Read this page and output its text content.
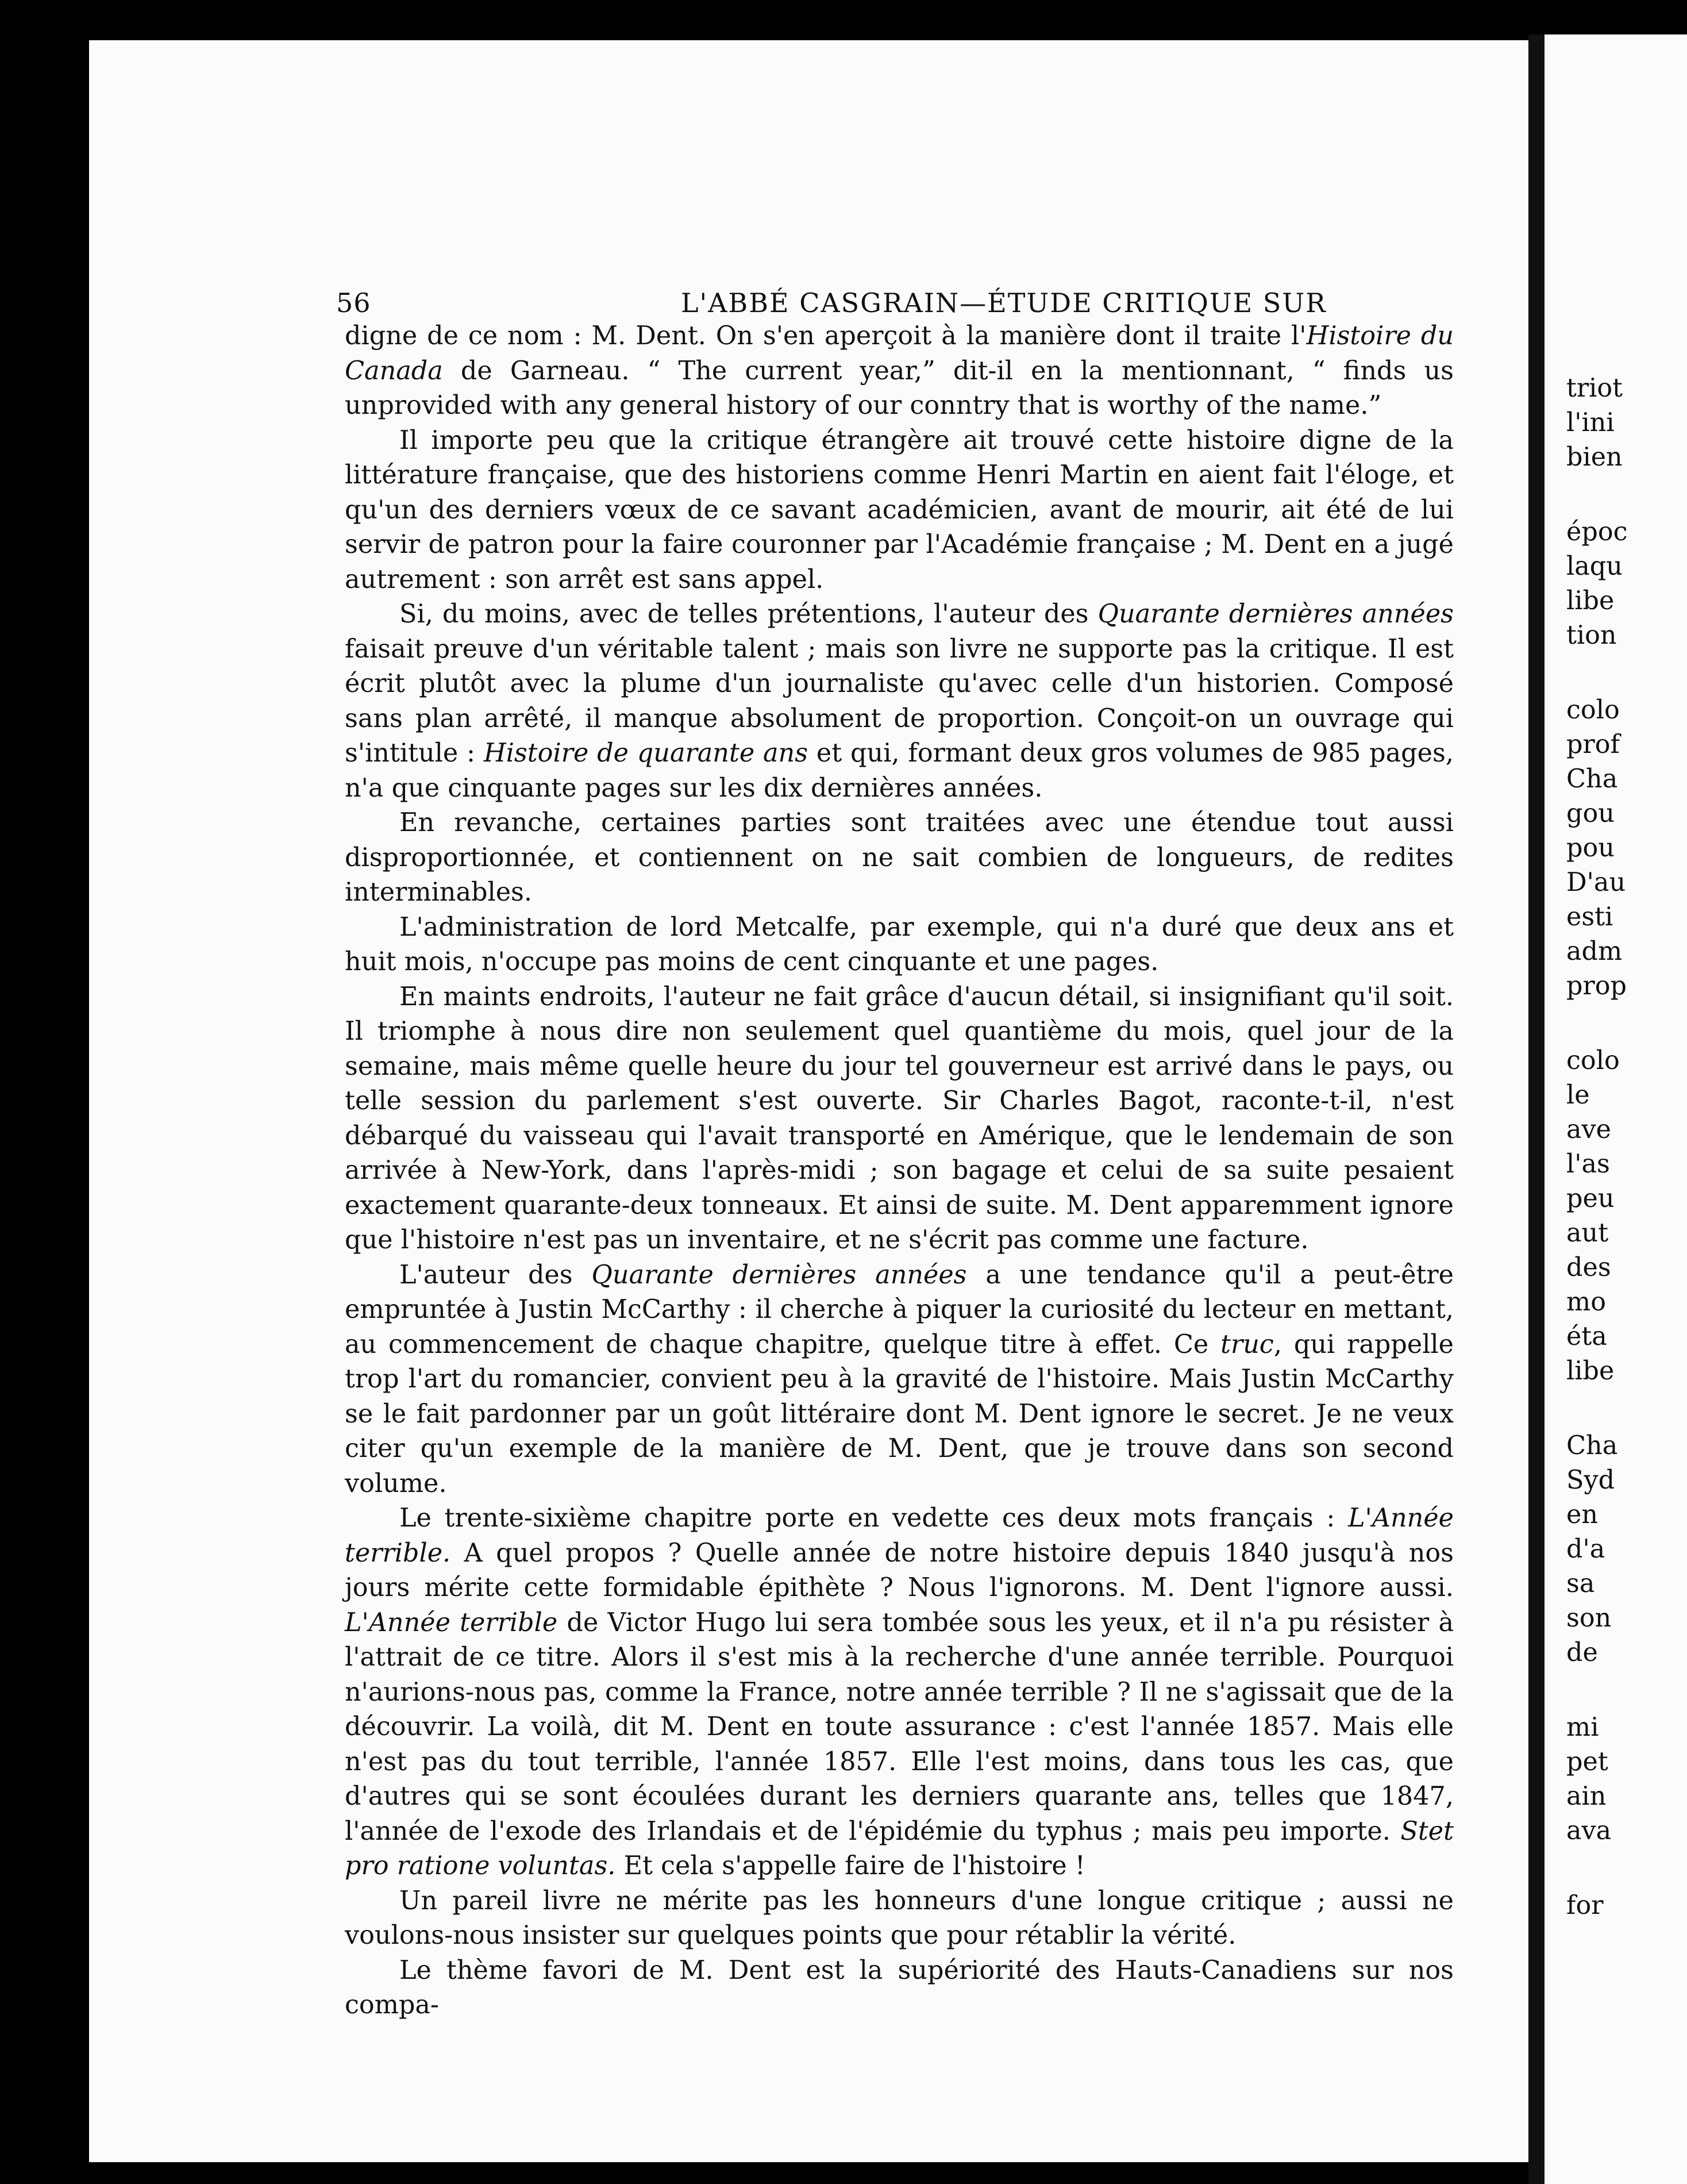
56	L'ABBÉ CASGRAIN—ÉTUDE CRITIQUE SUR

digne de ce nom : M. Dent. On s'en aperçoit à la manière dont il traite l'Histoire du Canada de Garneau. “ The current year,” dit-il en la mentionnant, “ finds us unprovided with any general history of our conntry that is worthy of the name.”

Il importe peu que la critique étrangère ait trouvé cette histoire digne de la littérature française, que des historiens comme Henri Martin en aient fait l'éloge, et qu'un des derniers vœux de ce savant académicien, avant de mourir, ait été de lui servir de patron pour la faire couronner par l'Académie française ; M. Dent en a jugé autrement : son arrêt est sans appel.

Si, du moins, avec de telles prétentions, l'auteur des Quarante dernières années faisait preuve d'un véritable talent ; mais son livre ne supporte pas la critique. Il est écrit plutôt avec la plume d'un journaliste qu'avec celle d'un historien. Composé sans plan arrêté, il manque absolument de proportion. Conçoit-on un ouvrage qui s'intitule : Histoire de quarante ans et qui, formant deux gros volumes de 985 pages, n'a que cinquante pages sur les dix dernières années.

En revanche, certaines parties sont traitées avec une étendue tout aussi disproportionnée, et contiennent on ne sait combien de longueurs, de redites interminables.

L'administration de lord Metcalfe, par exemple, qui n'a duré que deux ans et huit mois, n'occupe pas moins de cent cinquante et une pages.

En maints endroits, l'auteur ne fait grâce d'aucun détail, si insignifiant qu'il soit. Il triomphe à nous dire non seulement quel quantième du mois, quel jour de la semaine, mais même quelle heure du jour tel gouverneur est arrivé dans le pays, ou telle session du parlement s'est ouverte. Sir Charles Bagot, raconte-t-il, n'est débarqué du vaisseau qui l'avait transporté en Amérique, que le lendemain de son arrivée à New-York, dans l'après-midi ; son bagage et celui de sa suite pesaient exactement quarante-deux tonneaux. Et ainsi de suite. M. Dent apparemment ignore que l'histoire n'est pas un inventaire, et ne s'écrit pas comme une facture.

L'auteur des Quarante dernières années a une tendance qu'il a peut-être empruntée à Justin McCarthy : il cherche à piquer la curiosité du lecteur en mettant, au commencement de chaque chapitre, quelque titre à effet. Ce truc, qui rappelle trop l'art du romancier, convient peu à la gravité de l'histoire. Mais Justin McCarthy se le fait pardonner par un goût littéraire dont M. Dent ignore le secret. Je ne veux citer qu'un exemple de la manière de M. Dent, que je trouve dans son second volume.

Le trente-sixième chapitre porte en vedette ces deux mots français : L'Année terrible. A quel propos ? Quelle année de notre histoire depuis 1840 jusqu'à nos jours mérite cette formidable épithète ? Nous l'ignorons. M. Dent l'ignore aussi. L'Année terrible de Victor Hugo lui sera tombée sous les yeux, et il n'a pu résister à l'attrait de ce titre. Alors il s'est mis à la recherche d'une année terrible. Pourquoi n'aurions-nous pas, comme la France, notre année terrible ? Il ne s'agissait que de la découvrir. La voilà, dit M. Dent en toute assurance : c'est l'année 1857. Mais elle n'est pas du tout terrible, l'année 1857. Elle l'est moins, dans tous les cas, que d'autres qui se sont écoulées durant les derniers quarante ans, telles que 1847, l'année de l'exode des Irlandais et de l'épidémie du typhus ; mais peu importe. Stet pro ratione voluntas. Et cela s'appelle faire de l'histoire !

Un pareil livre ne mérite pas les honneurs d'une longue critique ; aussi ne voulons-nous insister sur quelques points que pour rétablir la vérité.

Le thème favori de M. Dent est la supériorité des Hauts-Canadiens sur nos compa-

triot
l'ini
bien
époc
laqu
libe
tion
colo
prof
Cha
gou
pou
D'au
esti
adm
prop
colo
le
ave
l'as
peu
aut
des
mo
éta
libe
Cha
Syd
en
d'a
sa
son
de
mi
pet
ain
ava
for
